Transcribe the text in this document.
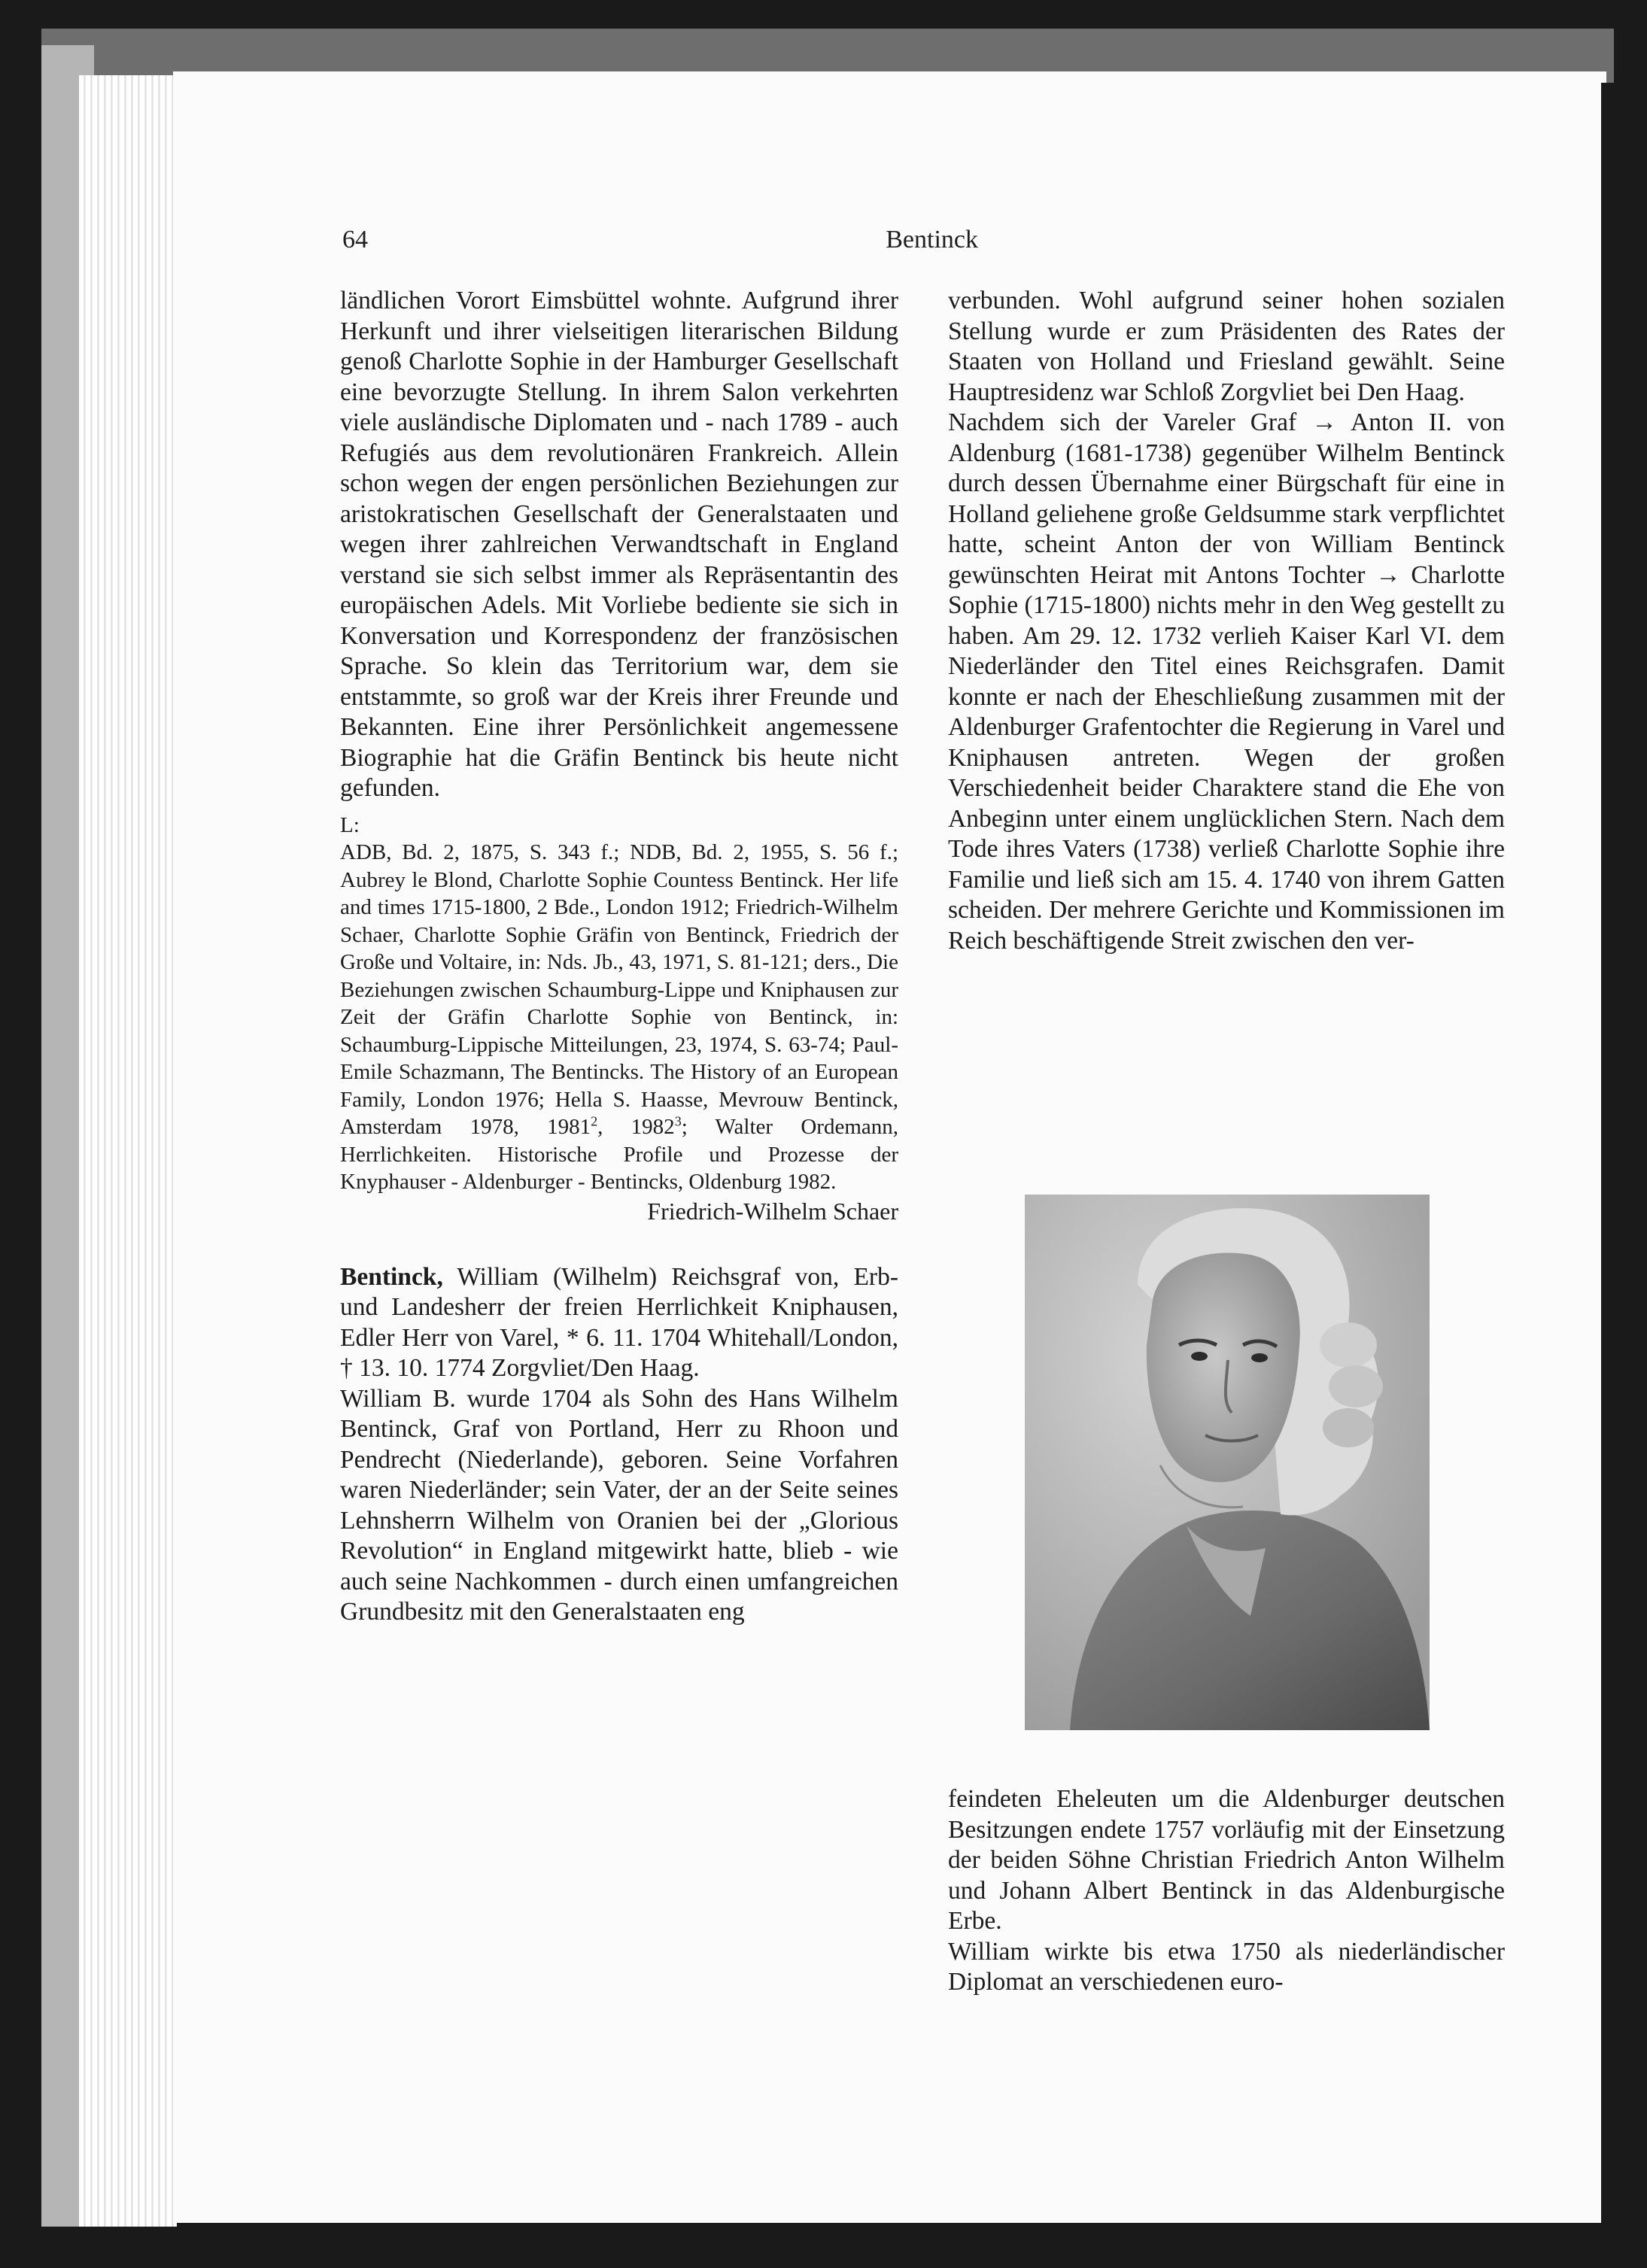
64	Bentinck

ländlichen Vorort Eimsbüttel wohnte. Aufgrund ihrer Herkunft und ihrer vielseitigen literarischen Bildung genoß Charlotte Sophie in der Hamburger Gesellschaft eine bevorzugte Stellung. In ihrem Salon verkehrten viele ausländische Diplomaten und - nach 1789 - auch Refugiés aus dem revolutionären Frankreich. Allein schon wegen der engen persönlichen Beziehungen zur aristokratischen Gesellschaft der Generalstaaten und wegen ihrer zahlreichen Verwandtschaft in England verstand sie sich selbst immer als Repräsentantin des europäischen Adels. Mit Vorliebe bediente sie sich in Konversation und Korrespondenz der französischen Sprache. So klein das Territorium war, dem sie entstammte, so groß war der Kreis ihrer Freunde und Bekannten. Eine ihrer Persönlichkeit angemessene Biographie hat die Gräfin Bentinck bis heute nicht gefunden.

L:

ADB, Bd. 2, 1875, S. 343 f.; NDB, Bd. 2, 1955, S. 56 f.; Aubrey le Blond, Charlotte Sophie Countess Bentinck. Her life and times 1715-1800, 2 Bde., London 1912; Friedrich-Wilhelm Schaer, Charlotte Sophie Gräfin von Bentinck, Friedrich der Große und Voltaire, in: Nds. Jb., 43, 1971, S. 81-121; ders., Die Beziehungen zwischen Schaumburg-Lippe und Kniphausen zur Zeit der Gräfin Charlotte Sophie von Bentinck, in: Schaumburg-Lippische Mitteilungen, 23, 1974, S. 63-74; Paul-Emile Schazmann, The Bentincks. The History of an European Family, London 1976; Hella S. Haasse, Mevrouw Bentinck, Amsterdam 1978, 1981$^2$, 1982$^3$; Walter Ordemann, Herrlichkeiten. Historische Profile und Prozesse der Knyphauser - Aldenburger - Bentincks, Oldenburg 1982.

Friedrich-Wilhelm Schaer

Bentinck, William (Wilhelm) Reichsgraf von, Erb- und Landesherr der freien Herrlichkeit Kniphausen, Edler Herr von Varel, * 6. 11. 1704 Whitehall/London, † 13. 10. 1774 Zorgvliet/Den Haag.

William B. wurde 1704 als Sohn des Hans Wilhelm Bentinck, Graf von Portland, Herr zu Rhoon und Pendrecht (Niederlande), geboren. Seine Vorfahren waren Niederländer; sein Vater, der an der Seite seines Lehnsherrn Wilhelm von Oranien bei der „Glorious Revolution“ in England mitgewirkt hatte, blieb - wie auch seine Nachkommen - durch einen umfangreichen Grundbesitz mit den Generalstaaten eng

verbunden. Wohl aufgrund seiner hohen sozialen Stellung wurde er zum Präsidenten des Rates der Staaten von Holland und Friesland gewählt. Seine Hauptresidenz war Schloß Zorgvliet bei Den Haag.

Nachdem sich der Vareler Graf → Anton II. von Aldenburg (1681-1738) gegenüber Wilhelm Bentinck durch dessen Übernahme einer Bürgschaft für eine in Holland geliehene große Geldsumme stark verpflichtet hatte, scheint Anton der von William Bentinck gewünschten Heirat mit Antons Tochter → Charlotte Sophie (1715-1800) nichts mehr in den Weg gestellt zu haben. Am 29. 12. 1732 verlieh Kaiser Karl VI. dem Niederländer den Titel eines Reichsgrafen. Damit konnte er nach der Eheschließung zusammen mit der Aldenburger Grafentochter die Regierung in Varel und Kniphausen antreten. Wegen der großen Verschiedenheit beider Charaktere stand die Ehe von Anbeginn unter einem unglücklichen Stern. Nach dem Tode ihres Vaters (1738) verließ Charlotte Sophie ihre Familie und ließ sich am 15. 4. 1740 von ihrem Gatten scheiden. Der mehrere Gerichte und Kommissionen im Reich beschäftigende Streit zwischen den ver-

feindeten Eheleuten um die Aldenburger deutschen Besitzungen endete 1757 vorläufig mit der Einsetzung der beiden Söhne Christian Friedrich Anton Wilhelm und Johann Albert Bentinck in das Aldenburgische Erbe.

William wirkte bis etwa 1750 als niederländischer Diplomat an verschiedenen euro-
